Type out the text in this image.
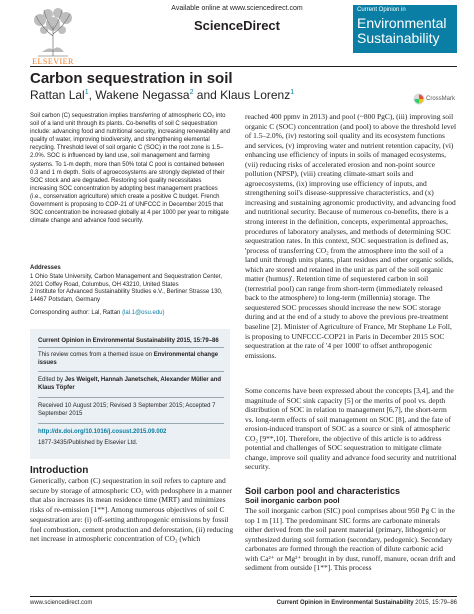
ELSEVIER
Available online at www.sciencedirect.com
ScienceDirect
Current Opinion in
Environmental
Sustainability
Carbon sequestration in soil
Rattan Lal$^1$, Wakene Negassa$^2$ and Klaus Lorenz$^1$
CrossMark
Soil carbon (C) sequestration implies transferring of atmospheric CO₂ into soil of a land unit through its plants. Co-benefits of soil C sequestration include: advancing food and nutritional security, increasing renewability and quality of water, improving biodiversity, and strengthening elemental recycling. Threshold level of soil organic C (SOC) in the root zone is 1.5–2.0%. SOC is influenced by land use, soil management and farming systems. To 1-m depth, more than 50% total C pool is contained between 0.3 and 1 m depth. Soils of agroecosystems are strongly depleted of their SOC stock and are degraded. Restoring soil quality necessitates increasing SOC concentration by adopting best management practices (i.e., conservation agriculture) which create a positive C budget. French Government is proposing to COP-21 of UNFCCC in December 2015 that SOC concentration be increased globally at 4 per 1000 per year to mitigate climate change and advance food security.
Addresses
1 Ohio State University, Carbon Management and Sequestration Center, 2021 Coffey Road, Columbus, OH 43210, United States
2 Institute for Advanced Sustainability Studies e.V., Berliner Strasse 130, 14467 Potsdam, Germany
Corresponding author: Lal, Rattan (lal.1@osu.edu)
Current Opinion in Environmental Sustainability 2015, 15:79–86
This review comes from a themed issue on Environmental change issues
Edited by Jes Weigelt, Hannah Janetschek, Alexander Müller and Klaus Töpfer
Received 10 August 2015; Revised 3 September 2015; Accepted 7 September 2015
http://dx.doi.org/10.1016/j.cosust.2015.09.002
1877-3435/Published by Elsevier Ltd.
Introduction
Generically, carbon (C) sequestration in soil refers to capture and secure by storage of atmospheric CO₂ with pedosphere in a manner that also increases its mean residence time (MRT) and minimizes risks of re-emission [1**]. Among numerous objectives of soil C sequestration are: (i) off-setting anthropogenic emissions by fossil fuel combustion, cement production and deforestation, (ii) reducing net increase in atmospheric concentration of CO₂ (which
reached 400 ppmv in 2013) and pool (~800 PgC), (iii) improving soil organic C (SOC) concentration (and pool) to above the threshold level of 1.5–2.0%, (iv) restoring soil quality and its ecosystem functions and services, (v) improving water and nutrient retention capacity, (vi) enhancing use efficiency of inputs in soils of managed ecosystems, (vii) reducing risks of accelerated erosion and non-point source pollution (NPSP), (viii) creating climate-smart soils and agroecosystems, (ix) improving use efficiency of inputs, and strengthening soil's disease-suppressive characteristics, and (x) increasing and sustaining agronomic productivity, and advancing food and nutritional security. Because of numerous co-benefits, there is a strong interest in the definition, concepts, experimental approaches, procedures of laboratory analyses, and methods of determining SOC sequestration rates. In this context, SOC sequestration is defined as, 'process of transferring CO₂ from the atmosphere into the soil of a land unit through units plants, plant residues and other organic solids, which are stored and retained in the unit as part of the soil organic matter (humus)'. Retention time of sequestered carbon in soil (terrestrial pool) can range from short-term (immediately released back to the atmosphere) to long-term (millennia) storage. The sequestered SOC processes should increase the new SOC storage during and at the end of a study to above the previous pre-treatment baseline [2]. Minister of Agriculture of France, Mr Stephane Le Foll, is proposing to UNFCCC-COP21 in Paris in December 2015 SOC sequestration at the rate of '4 per 1000' to offset anthropogenic emissions.
Some concerns have been expressed about the concepts [3,4], and the magnitude of SOC sink capacity [5] or the merits of pool vs. depth distribution of SOC in relation to management [6,7], the short-term vs. long-term effects of soil management on SOC [8], and the fate of erosion-induced transport of SOC as a source or sink of atmospheric CO₂ [9**,10]. Therefore, the objective of this article is to address potential and challenges of SOC sequestration to mitigate climate change, improve soil quality and advance food security and nutritional security.
Soil carbon pool and characteristics
Soil inorganic carbon pool
The soil inorganic carbon (SIC) pool comprises about 950 Pg C in the top 1 m [11]. The predominant SIC forms are carbonate minerals either derived from the soil parent material (primary, lithogenic) or synthesized during soil formation (secondary, pedogenic). Secondary carbonates are formed through the reaction of dilute carbonic acid with Ca²⁺ or Mg²⁺ brought in by dust, runoff, manure, ocean drift and sediment from outside [1**]. This process
www.sciencedirect.com	Current Opinion in Environmental Sustainability 2015, 15:79–86
